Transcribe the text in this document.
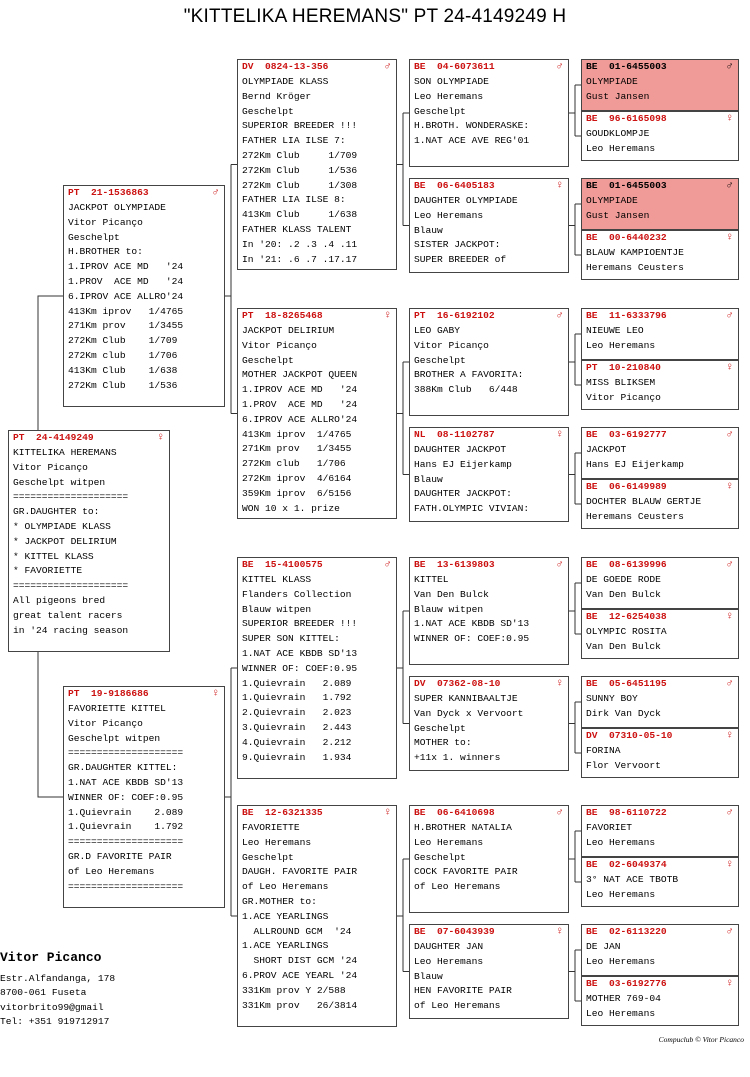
"KITTELIKA HEREMANS" PT 24-4149249 H
PT  24-4149249	♀
KITTELIKA HEREMANS
Vitor Picanço
Geschelpt witpen
====================
GR.DAUGHTER to:
* OLYMPIADE KLASS
* JACKPOT DELIRIUM
* KITTEL KLASS
* FAVORIETTE
====================
All pigeons bred
great talent racers
in '24 racing season
PT  21-1536863	♂
JACKPOT OLYMPIADE
Vitor Picanço
Geschelpt
H.BROTHER to:
1.IPROV ACE MD   '24
1.PROV  ACE MD   '24
6.IPROV ACE ALLRO'24
413Km iprov   1/4765
271Km prov    1/3455
272Km Club    1/709
272Km club    1/706
413Km Club    1/638
272Km Club    1/536
PT  19-9186686	♀
FAVORIETTE KITTEL
Vitor Picanço
Geschelpt witpen
====================
GR.DAUGHTER KITTEL:
1.NAT ACE KBDB SD'13
WINNER OF: COEF:0.95
1.Quievrain    2.089
1.Quievrain    1.792
====================
GR.D FAVORITE PAIR
of Leo Heremans
====================
DV  0824-13-356	♂
OLYMPIADE KLASS
Bernd Kröger
Geschelpt
SUPERIOR BREEDER !!!
FATHER LIA ILSE 7:
272Km Club     1/709
272Km Club     1/536
272Km Club     1/308
FATHER LIA ILSE 8:
413Km Club     1/638
FATHER KLASS TALENT
In '20: .2 .3 .4 .11
In '21: .6 .7 .17.17
PT  18-8265468	♀
JACKPOT DELIRIUM
Vitor Picanço
Geschelpt
MOTHER JACKPOT QUEEN
1.IPROV ACE MD   '24
1.PROV  ACE MD   '24
6.IPROV ACE ALLRO'24
413Km iprov  1/4765
271Km prov   1/3455
272Km club   1/706
272Km iprov  4/6164
359Km iprov  6/5156
WON 10 x 1. prize
BE  15-4100575	♂
KITTEL KLASS
Flanders Collection
Blauw witpen
SUPERIOR BREEDER !!!
SUPER SON KITTEL:
1.NAT ACE KBDB SD'13
WINNER OF: COEF:0.95
1.Quievrain   2.089
1.Quievrain   1.792
2.Quievrain   2.023
3.Quievrain   2.443
4.Quievrain   2.212
9.Quievrain   1.934
BE  12-6321335	♀
FAVORIETTE
Leo Heremans
Geschelpt
DAUGH. FAVORITE PAIR
of Leo Heremans
GR.MOTHER to:
1.ACE YEARLINGS
ALLROUND GCM  '24
1.ACE YEARLINGS
SHORT DIST GCM '24
6.PROV ACE YEARL '24
331Km prov Y 2/588
331Km prov   26/3814
BE  04-6073611	♂
SON OLYMPIADE
Leo Heremans
Geschelpt
H.BROTH. WONDERASKE:
1.NAT ACE AVE REG'01
BE  06-6405183	♀
DAUGHTER OLYMPIADE
Leo Heremans
Blauw
SISTER JACKPOT:
SUPER BREEDER of
PT  16-6192102	♂
LEO GABY
Vitor Picanço
Geschelpt
BROTHER A FAVORITA:
388Km Club   6/448
NL  08-1102787	♀
DAUGHTER JACKPOT
Hans EJ Eijerkamp
Blauw
DAUGHTER JACKPOT:
FATH.OLYMPIC VIVIAN:
BE  13-6139803	♂
KITTEL
Van Den Bulck
Blauw witpen
1.NAT ACE KBDB SD'13
WINNER OF: COEF:0.95
DV  07362-08-10	♀
SUPER KANNIBAALTJE
Van Dyck x Vervoort
Geschelpt
MOTHER to:
+11x 1. winners
BE  06-6410698	♂
H.BROTHER NATALIA
Leo Heremans
Geschelpt
COCK FAVORITE PAIR
of Leo Heremans
BE  07-6043939	♀
DAUGHTER JAN
Leo Heremans
Blauw
HEN FAVORITE PAIR
of Leo Heremans
BE  01-6455003	♂
OLYMPIADE
Gust Jansen
BE  96-6165098	♀
GOUDKLOMPJE
Leo Heremans
BE  01-6455003	♂
OLYMPIADE
Gust Jansen
BE  00-6440232	♀
BLAUW KAMPIOENTJE
Heremans Ceusters
BE  11-6333796	♂
NIEUWE LEO
Leo Heremans
PT  10-210840	♀
MISS BLIKSEM
Vitor Picanço
BE  03-6192777	♂
JACKPOT
Hans EJ Eijerkamp
BE  06-6149989	♀
DOCHTER BLAUW GERTJE
Heremans Ceusters
BE  08-6139996	♂
DE GOEDE RODE
Van Den Bulck
BE  12-6254038	♀
OLYMPIC ROSITA
Van Den Bulck
BE  05-6451195	♂
SUNNY BOY
Dirk Van Dyck
DV  07310-05-10	♀
FORINA
Flor Vervoort
BE  98-6110722	♂
FAVORIET
Leo Heremans
BE  02-6049374	♀
3° NAT ACE TBOTB
Leo Heremans
BE  02-6113220	♂
DE JAN
Leo Heremans
BE  03-6192776	♀
MOTHER 769-04
Leo Heremans
Vitor Picanco
Estr.Alfandanga, 178
8700-061 Fuseta
vitorbrito99@gmail
Tel: +351 919712917
Compuclub © Vitor Picanco
